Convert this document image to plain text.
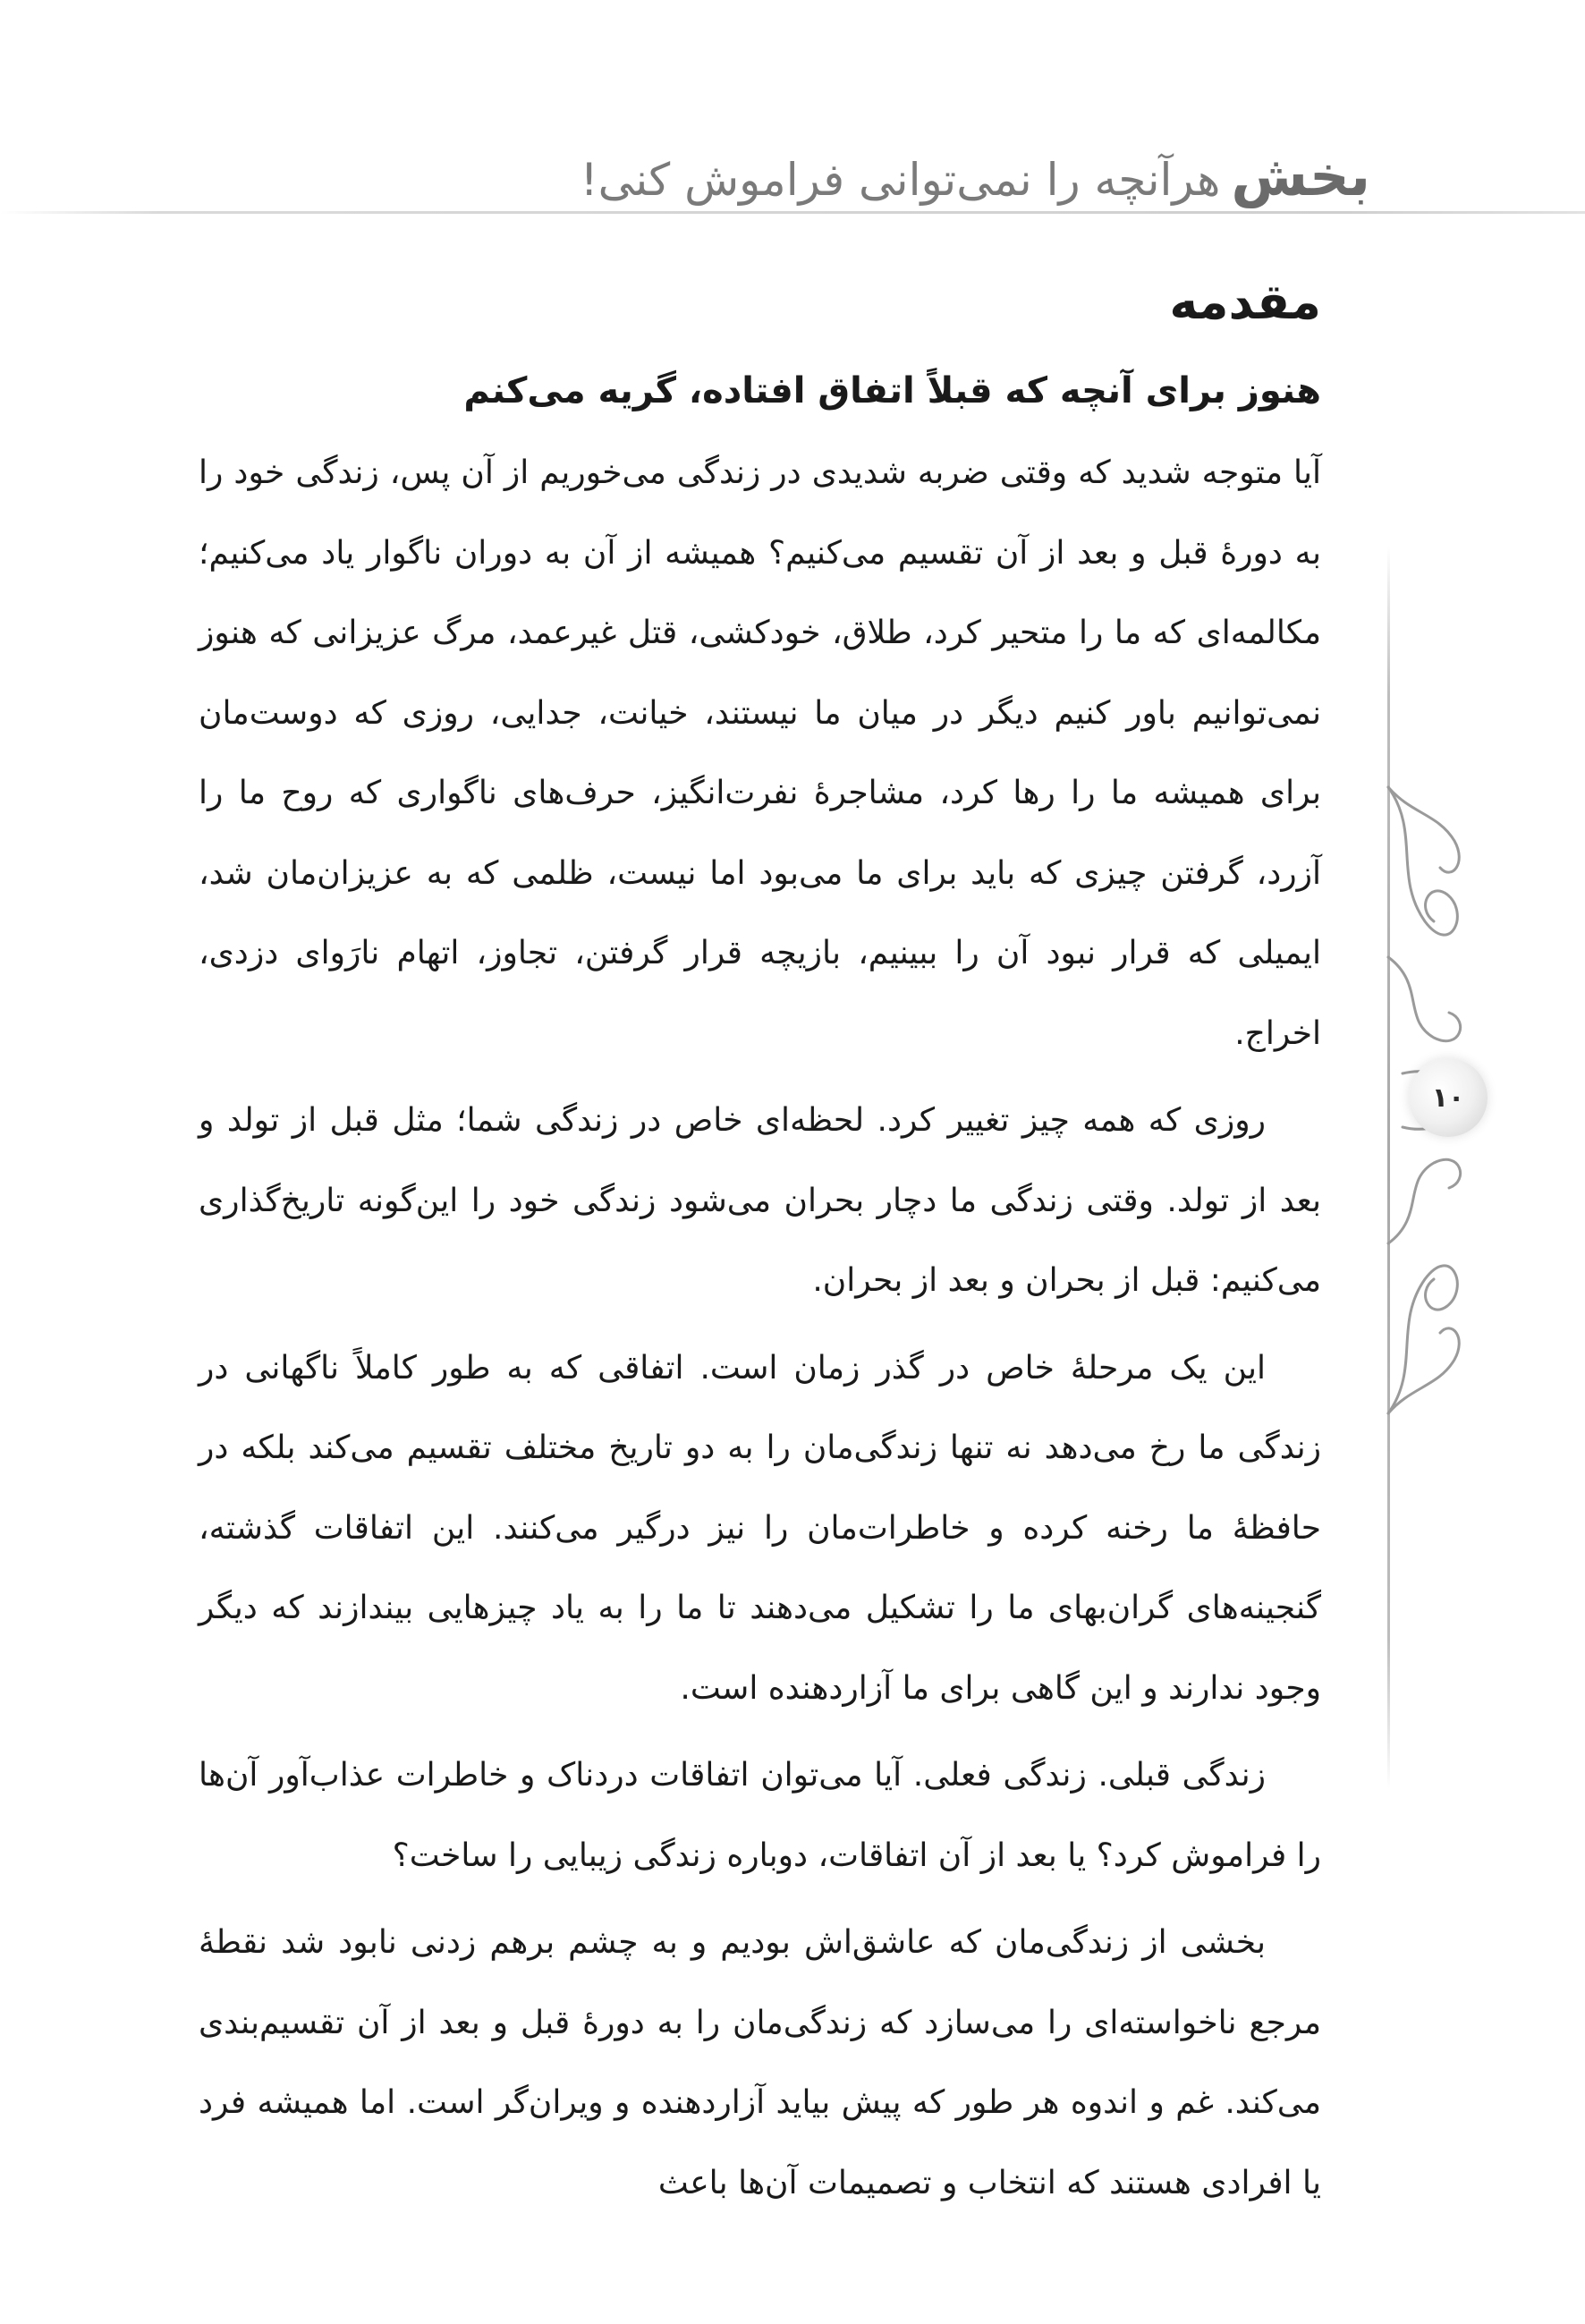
بخش
هرآنچه را نمی‌توانی فراموش کنی!
مقدمه
هنوز برای آنچه که قبلاً اتفاق افتاده، گریه می‌کنم

آیا متوجه شدید که وقتی ضربه شدیدی در زندگی می‌خوریم از آن پس، زندگی خود را به دورهٔ قبل و بعد از آن تقسیم می‌کنیم؟ همیشه از آن به دوران ناگوار یاد می‌کنیم؛ مکالمه‌ای که ما را متحیر کرد، طلاق، خودکشی، قتل غیرعمد، مرگ عزیزانی که هنوز نمی‌توانیم باور کنیم دیگر در میان ما نیستند، خیانت، جدایی، روزی که دوست‌مان برای همیشه ما را رها کرد، مشاجرهٔ نفرت‌انگیز، حرف‌های ناگواری که روح ما را آزرد، گرفتن چیزی که باید برای ما می‌بود اما نیست، ظلمی که به عزیزان‌مان شد، ایمیلی که قرار نبود آن را ببینیم، بازیچه قرار گرفتن، تجاوز، اتهام نارَوای دزدی، اخراج.

روزی که همه چیز تغییر کرد. لحظه‌ای خاص در زندگی شما؛ مثل قبل از تولد و بعد از تولد. وقتی زندگی ما دچار بحران می‌شود زندگی خود را این‌گونه تاریخ‌گذاری می‌کنیم: قبل از بحران و بعد از بحران.

این یک مرحلهٔ خاص در گذر زمان است. اتفاقی که به طور کاملاً ناگهانی در زندگی ما رخ می‌دهد نه تنها زندگی‌مان را به دو تاریخ مختلف تقسیم می‌کند بلکه در حافظهٔ ما رخنه کرده و خاطرات‌مان را نیز درگیر می‌کنند. این اتفاقات گذشته، گنجینه‌های گران‌بهای ما را تشکیل می‌دهند تا ما را به یاد چیزهایی بیندازند که دیگر وجود ندارند و این گاهی برای ما آزاردهنده است.

زندگی قبلی. زندگی فعلی. آیا می‌توان اتفاقات دردناک و خاطرات عذاب‌آور آن‌ها را فراموش کرد؟ یا بعد از آن اتفاقات، دوباره زندگی زیبایی را ساخت؟

بخشی از زندگی‌مان که عاشق‌اش بودیم و به چشم برهم زدنی نابود شد نقطهٔ مرجع ناخواسته‌ای را می‌سازد که زندگی‌مان را به دورهٔ قبل و بعد از آن تقسیم‌بندی می‌کند. غم و اندوه هر طور که پیش بیاید آزاردهنده و ویران‌گر است. اما همیشه فرد یا افرادی هستند که انتخاب و تصمیمات آن‌ها باعث

۱۰
